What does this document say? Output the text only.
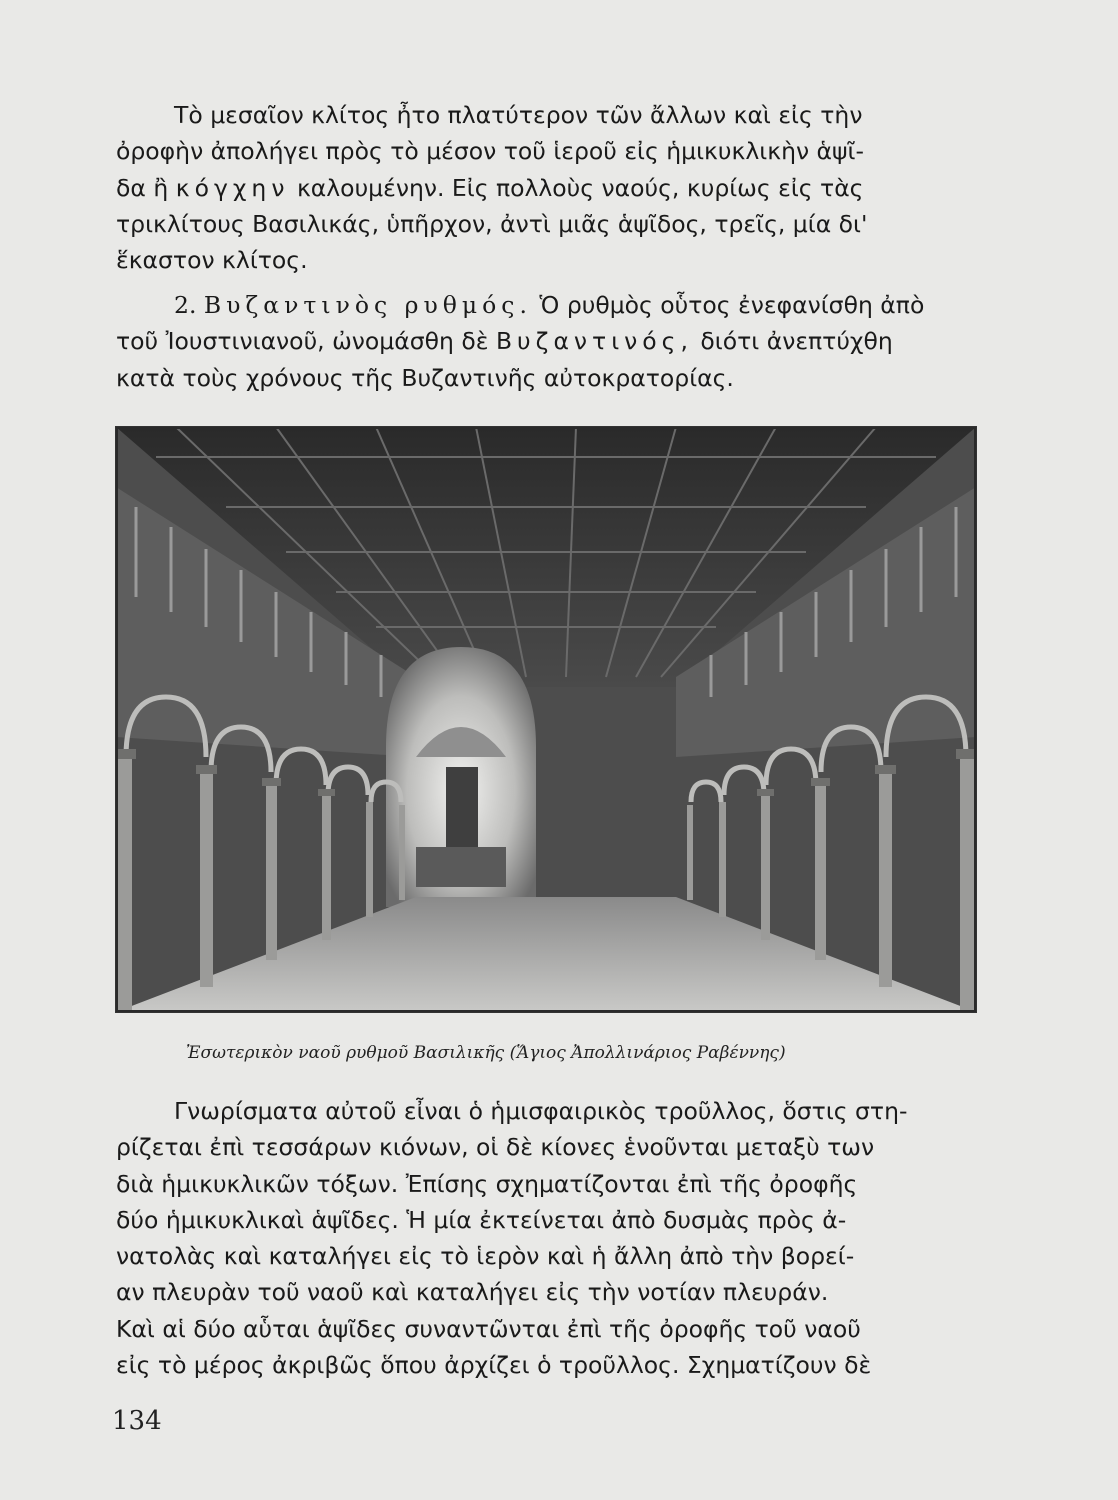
Τὸ μεσαῖον κλίτος ἦτο πλατύτερον τῶν ἄλλων καὶ εἰς τὴν
ὀροφὴν ἀπολήγει πρὸς τὸ μέσον τοῦ ἱεροῦ εἰς ἡμικυκλικὴν ἁψῖ-
δα ἢ κόγχην καλουμένην. Εἰς πολλοὺς ναούς, κυρίως εἰς τὰς
τρικλίτους Βασιλικάς, ὑπῆρχον, ἀντὶ μιᾶς ἁψῖδος, τρεῖς, μία δι'
ἕκαστον κλίτος.

2. Βυζαντινὸς ρυθμός. Ὁ ρυθμὸς οὗτος ἐνεφανίσθη ἀπὸ
τοῦ Ἰουστινιανοῦ, ὠνομάσθη δὲ Βυζαντινός, διότι ἀνεπτύχθη
κατὰ τοὺς χρόνους τῆς Βυζαντινῆς αὐτοκρατορίας.

Ἐσωτερικὸν ναοῦ ρυθμοῦ Βασιλικῆς (Ἅγιος Ἀπολλινάριος Ραβέννης)

Γνωρίσματα αὐτοῦ εἶναι ὁ ἡμισφαιρικὸς τροῦλλος, ὅστις στη-
ρίζεται ἐπὶ τεσσάρων κιόνων, οἱ δὲ κίονες ἑνοῦνται μεταξὺ των
διὰ ἡμικυκλικῶν τόξων. Ἐπίσης σχηματίζονται ἐπὶ τῆς ὀροφῆς
δύο ἡμικυκλικαὶ ἁψῖδες. Ἡ μία ἐκτείνεται ἀπὸ δυσμὰς πρὸς ἀ-
νατολὰς καὶ καταλήγει εἰς τὸ ἱερὸν καὶ ἡ ἄλλη ἀπὸ τὴν βορεί-
αν πλευρὰν τοῦ ναοῦ καὶ καταλήγει εἰς τὴν νοτίαν πλευράν.
Καὶ αἱ δύο αὗται ἁψῖδες συναντῶνται ἐπὶ τῆς ὀροφῆς τοῦ ναοῦ
εἰς τὸ μέρος ἀκριβῶς ὅπου ἀρχίζει ὁ τροῦλλος. Σχηματίζουν δὲ

134
